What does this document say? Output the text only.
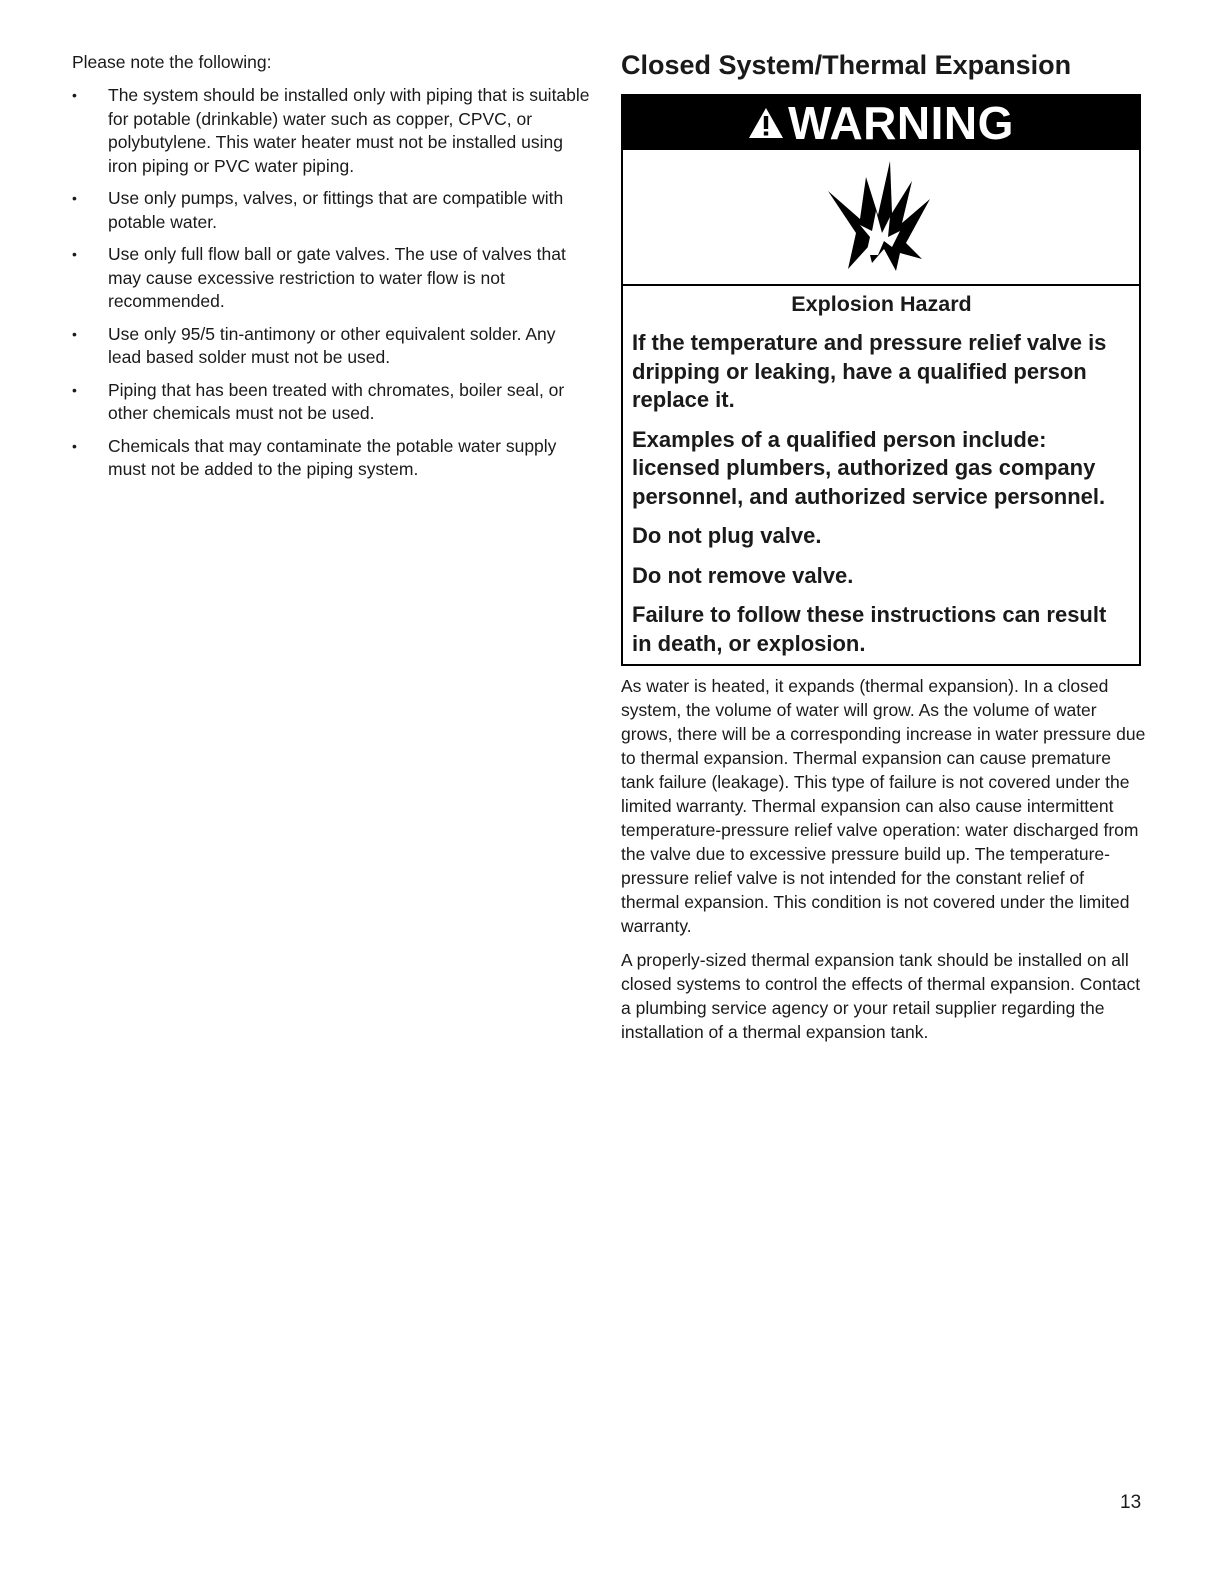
Please note the following:

• The system should be installed only with piping that is suitable for potable (drinkable) water such as copper, CPVC, or polybutylene. This water heater must not be installed using iron piping or PVC water piping.
• Use only pumps, valves, or fittings that are compatible with potable water.
• Use only full flow ball or gate valves. The use of valves that may cause excessive restriction to water flow is not recommended.
• Use only 95/5 tin-antimony or other equivalent solder. Any lead based solder must not be used.
• Piping that has been treated with chromates, boiler seal, or other chemicals must not be used.
• Chemicals that may contaminate the potable water supply must not be added to the piping system.
Closed System/Thermal Expansion
WARNING

Explosion Hazard

If the temperature and pressure relief valve is dripping or leaking, have a qualified person replace it.

Examples of a qualified person include: licensed plumbers, authorized gas company personnel, and authorized service personnel.

Do not plug valve.

Do not remove valve.

Failure to follow these instructions can result in death, or explosion.

As water is heated, it expands (thermal expansion). In a closed system, the volume of water will grow. As the volume of water grows, there will be a corresponding increase in water pressure due to thermal expansion. Thermal expansion can cause premature tank failure (leakage). This type of failure is not covered under the limited warranty. Thermal expansion can also cause intermittent temperature-pressure relief valve operation: water discharged from the valve due to excessive pressure build up. The temperature-pressure relief valve is not intended for the constant relief of thermal expansion. This condition is not covered under the limited warranty.

A properly-sized thermal expansion tank should be installed on all closed systems to control the effects of thermal expansion. Contact a plumbing service agency or your retail supplier regarding the installation of a thermal expansion tank.

13
